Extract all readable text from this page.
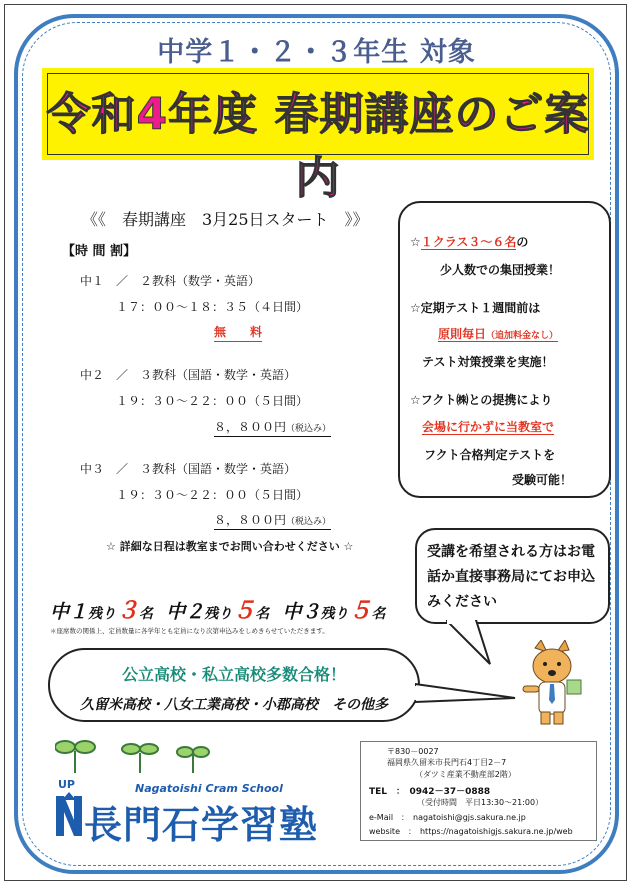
中学１・２・３年生 対象
令和4年度 春期講座のご案内
《《　春期講座　3月25日スタート　》》
【時 間 割】
中１　／　２教科（数学・英語）
１７：００〜１８：３５（４日間）
無　　料
中２　／　３教科（国語・数学・英語）
１９：３０〜２２：００（５日間）
８，８００円（税込み）
中３　／　３教科（国語・数学・英語）
１９：３０〜２２：００（５日間）
８，８００円（税込み）
☆ 詳細な日程は教室までお問い合わせください ☆
☆１クラス３〜６名の
少人数での集団授業！
☆定期テスト１週間前は
原則毎日（追加料金なし）
テスト対策授業を実施！
☆フクト㈱との提携により
会場に行かずに当教室で
フクト合格判定テストを
受験可能！
受講を希望される方はお電話か直接事務局にてお申込みください
中１残り３名 中２残り５名 中３残り５名
＊座席数の関係上、定員数量に各学年とも定員になり次第申込みをしめきらせていただきます。
公立高校・私立高校多数合格！
久留米高校・八女工業高校・小郡高校　その他多
UP	Nagatoishi Cram School
長門石学習塾
〒830－0027
福岡県久留米市長門石4丁目2－7
（ダツミ産業不動産部2階）
TEL　：　0942－37－0888
（受付時間　平日13:30〜21:00）
e-Mail　：　nagatoishi@gjs.sakura.ne.jp
website　：　https://nagatoishigjs.sakura.ne.jp/web
